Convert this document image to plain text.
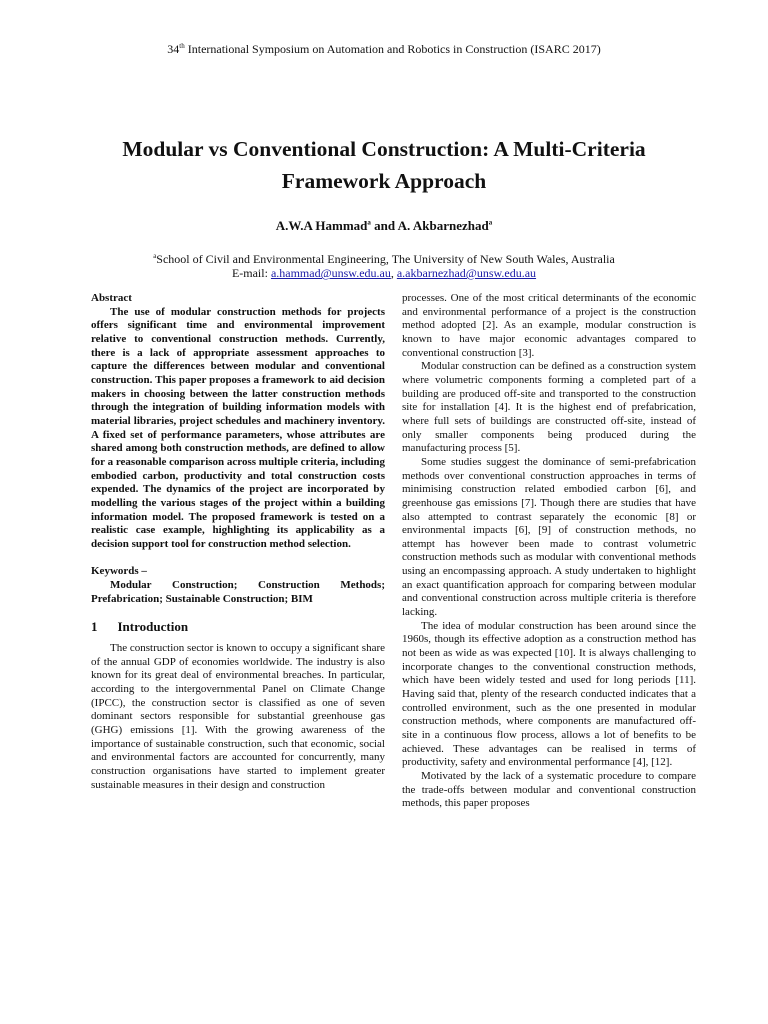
34th International Symposium on Automation and Robotics in Construction (ISARC 2017)
Modular vs Conventional Construction: A Multi-Criteria
Framework Approach
A.W.A Hammad$^a$ and A. Akbarnezhad$^a$
$^a$School of Civil and Environmental Engineering, The University of New South Wales, Australia
E-mail: a.hammad@unsw.edu.au, a.akbarnezhad@unsw.edu.au

Abstract

The use of modular construction methods for projects offers significant time and environmental improvement relative to conventional construction methods. Currently, there is a lack of appropriate assessment approaches to capture the differences between modular and conventional construction. This paper proposes a framework to aid decision makers in choosing between the latter construction methods through the integration of building information models with material libraries, project schedules and machinery inventory. A fixed set of performance parameters, whose attributes are shared among both construction methods, are defined to allow for a reasonable comparison across multiple criteria, including embodied carbon, productivity and total construction costs expended. The dynamics of the project are incorporated by modelling the various stages of the project within a building information model. The proposed framework is tested on a realistic case example, highlighting its applicability as a decision support tool for construction method selection.

Keywords –

Modular Construction; Construction Methods; Prefabrication; Sustainable Construction; BIM

1 Introduction

The construction sector is known to occupy a significant share of the annual GDP of economies worldwide. The industry is also known for its great deal of environmental breaches. In particular, according to the intergovernmental Panel on Climate Change (IPCC), the construction sector is classified as one of seven dominant sectors responsible for substantial greenhouse gas (GHG) emissions [1]. With the growing awareness of the importance of sustainable construction, such that economic, social and environmental factors are accounted for concurrently, many construction organisations have started to implement greater sustainable measures in their design and construction

processes. One of the most critical determinants of the economic and environmental performance of a project is the construction method adopted [2]. As an example, modular construction is known to have major economic advantages compared to conventional construction [3].

Modular construction can be defined as a construction system where volumetric components forming a completed part of a building are produced off-site and transported to the construction site for installation [4]. It is the highest end of prefabrication, where full sets of buildings are constructed off-site, instead of only smaller components being produced during the manufacturing process [5].

Some studies suggest the dominance of semi-prefabrication methods over conventional construction approaches in terms of minimising construction related embodied carbon [6], and greenhouse gas emissions [7]. Though there are studies that have also attempted to contrast separately the economic [8] or environmental impacts [6], [9] of construction methods, no attempt has however been made to contrast volumetric construction methods such as modular with conventional methods using an encompassing approach. A study undertaken to highlight an exact quantification approach for comparing between modular and conventional construction across multiple criteria is therefore lacking.

The idea of modular construction has been around since the 1960s, though its effective adoption as a construction method has not been as wide as was expected [10]. It is always challenging to incorporate changes to the conventional construction methods, which have been widely tested and used for long periods [11]. Having said that, plenty of the research conducted indicates that a controlled environment, such as the one presented in modular construction methods, where components are manufactured off-site in a continuous flow process, allows a lot of benefits to be achieved. These advantages can be realised in terms of productivity, safety and environmental performance [4], [12].

Motivated by the lack of a systematic procedure to compare the trade-offs between modular and conventional construction methods, this paper proposes
